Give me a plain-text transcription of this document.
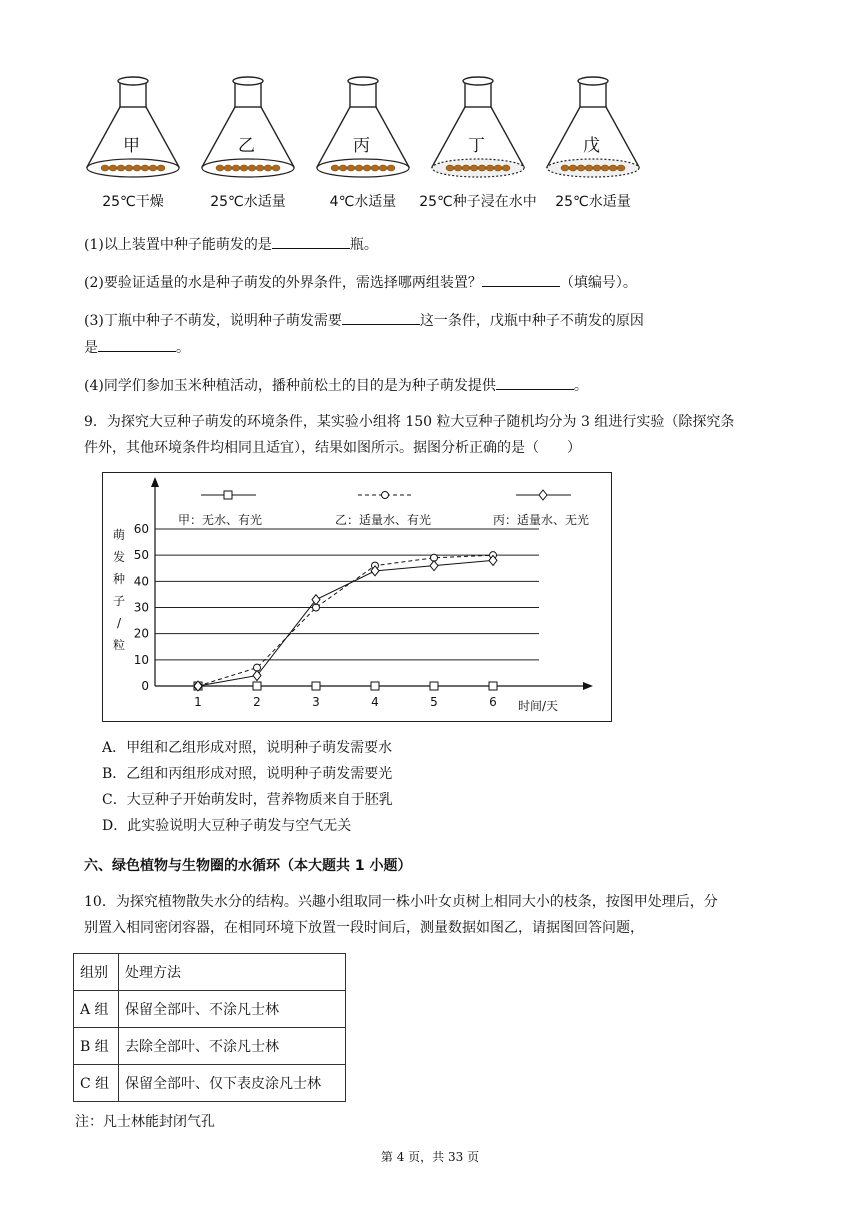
甲
25℃干燥
乙
25℃水适量
丙
4℃水适量
丁
25℃种子浸在水中
戊
25℃水适量
(1)以上装置中种子能萌发的是	瓶。
(2)要验证适量的水是种子萌发的外界条件，需选择哪两组装置？	（填编号）。
(3)丁瓶中种子不萌发，说明种子萌发需要	这一条件，戊瓶中种子不萌发的原因
是	。
(4)同学们参加玉米种植活动，播种前松土的目的是为种子萌发提供	。
9．为探究大豆种子萌发的环境条件，某实验小组将 150 粒大豆种子随机均分为 3 组进行实验（除探究条
件外，其他环境条件均相同且适宜），结果如图所示。据图分析正确的是（　　）
0
10
20
30
40
50
60
1	2	3	4	5	6 时间/天
萌
发
种
子
/
粒
甲：无水、有光	乙：适量水、有光	丙：适量水、无光
A．甲组和乙组形成对照，说明种子萌发需要水
B．乙组和丙组形成对照，说明种子萌发需要光
C．大豆种子开始萌发时，营养物质来自于胚乳
D．此实验说明大豆种子萌发与空气无关
六、绿色植物与生物圈的水循环（本大题共 1 小题）
10．为探究植物散失水分的结构。兴趣小组取同一株小叶女贞树上相同大小的枝条，按图甲处理后，分
别置入相同密闭容器，在相同环境下放置一段时间后，测量数据如图乙，请据图回答问题，
组别	处理方法
A 组	保留全部叶、不涂凡士林
B 组	去除全部叶、不涂凡士林
C 组	保留全部叶、仅下表皮涂凡士林
注：凡士林能封闭气孔
第 4 页，共 33 页
